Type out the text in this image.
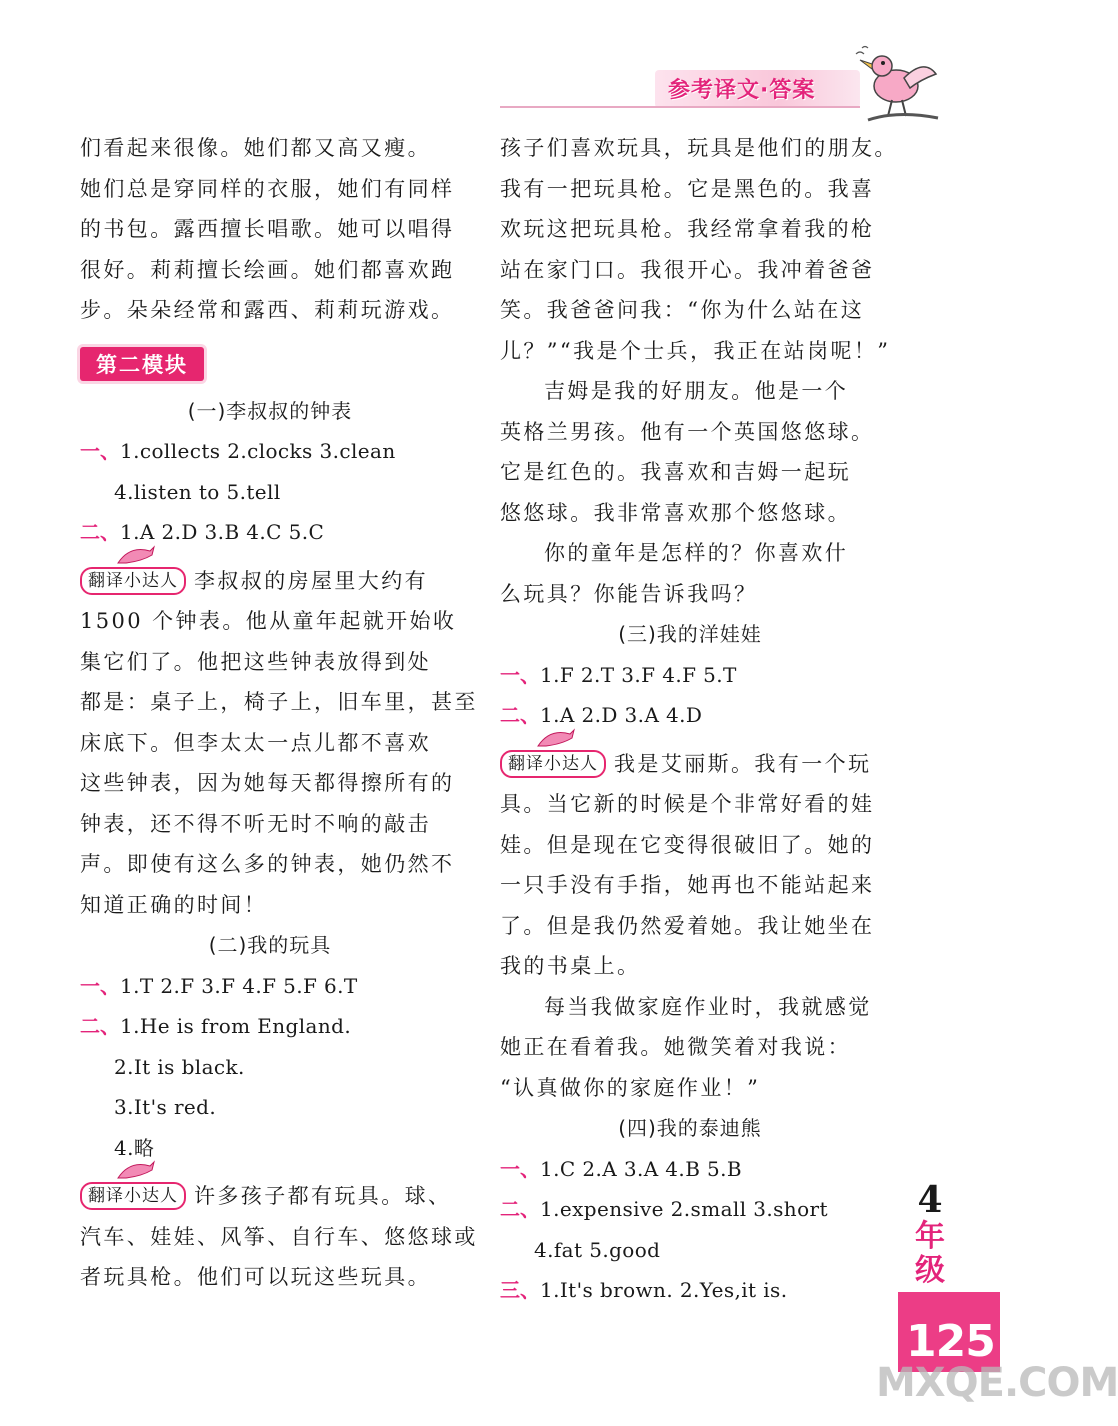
参考译文·答案
们看起来很像。她们都又高又瘦。
她们总是穿同样的衣服，她们有同样
的书包。露西擅长唱歌。她可以唱得
很好。莉莉擅长绘画。她们都喜欢跑
步。朵朵经常和露西、莉莉玩游戏。
第二模块
(一)李叔叔的钟表
一、1.collects 2.clocks 3.clean
4.listen to 5.tell
二、1.A 2.D 3.B 4.C 5.C
翻译小达人 李叔叔的房屋里大约有
1500 个钟表。他从童年起就开始收
集它们了。他把这些钟表放得到处
都是：桌子上，椅子上，旧车里，甚至
床底下。但李太太一点儿都不喜欢
这些钟表，因为她每天都得擦所有的
钟表，还不得不听无时不响的敲击
声。即使有这么多的钟表，她仍然不
知道正确的时间！
(二)我的玩具
一、1.T 2.F 3.F 4.F 5.F 6.T
二、1.He is from England.
2.It is black.
3.It's red.
4.略
翻译小达人 许多孩子都有玩具。球、
汽车、娃娃、风筝、自行车、悠悠球或
者玩具枪。他们可以玩这些玩具。
孩子们喜欢玩具，玩具是他们的朋友。
我有一把玩具枪。它是黑色的。我喜
欢玩这把玩具枪。我经常拿着我的枪
站在家门口。我很开心。我冲着爸爸
笑。我爸爸问我：“你为什么站在这
儿？”“我是个士兵，我正在站岗呢！”
吉姆是我的好朋友。他是一个
英格兰男孩。他有一个英国悠悠球。
它是红色的。我喜欢和吉姆一起玩
悠悠球。我非常喜欢那个悠悠球。
你的童年是怎样的？你喜欢什
么玩具？你能告诉我吗？
(三)我的洋娃娃
一、1.F 2.T 3.F 4.F 5.T
二、1.A 2.D 3.A 4.D
翻译小达人 我是艾丽斯。我有一个玩
具。当它新的时候是个非常好看的娃
娃。但是现在它变得很破旧了。她的
一只手没有手指，她再也不能站起来
了。但是我仍然爱着她。我让她坐在
我的书桌上。
每当我做家庭作业时，我就感觉
她正在看着我。她微笑着对我说：
“认真做你的家庭作业！”
(四)我的泰迪熊
一、1.C 2.A 3.A 4.B 5.B
二、1.expensive 2.small 3.short
4.fat 5.good
三、1.It's brown. 2.Yes,it is.
4
年
级
125
MXQE.COM
